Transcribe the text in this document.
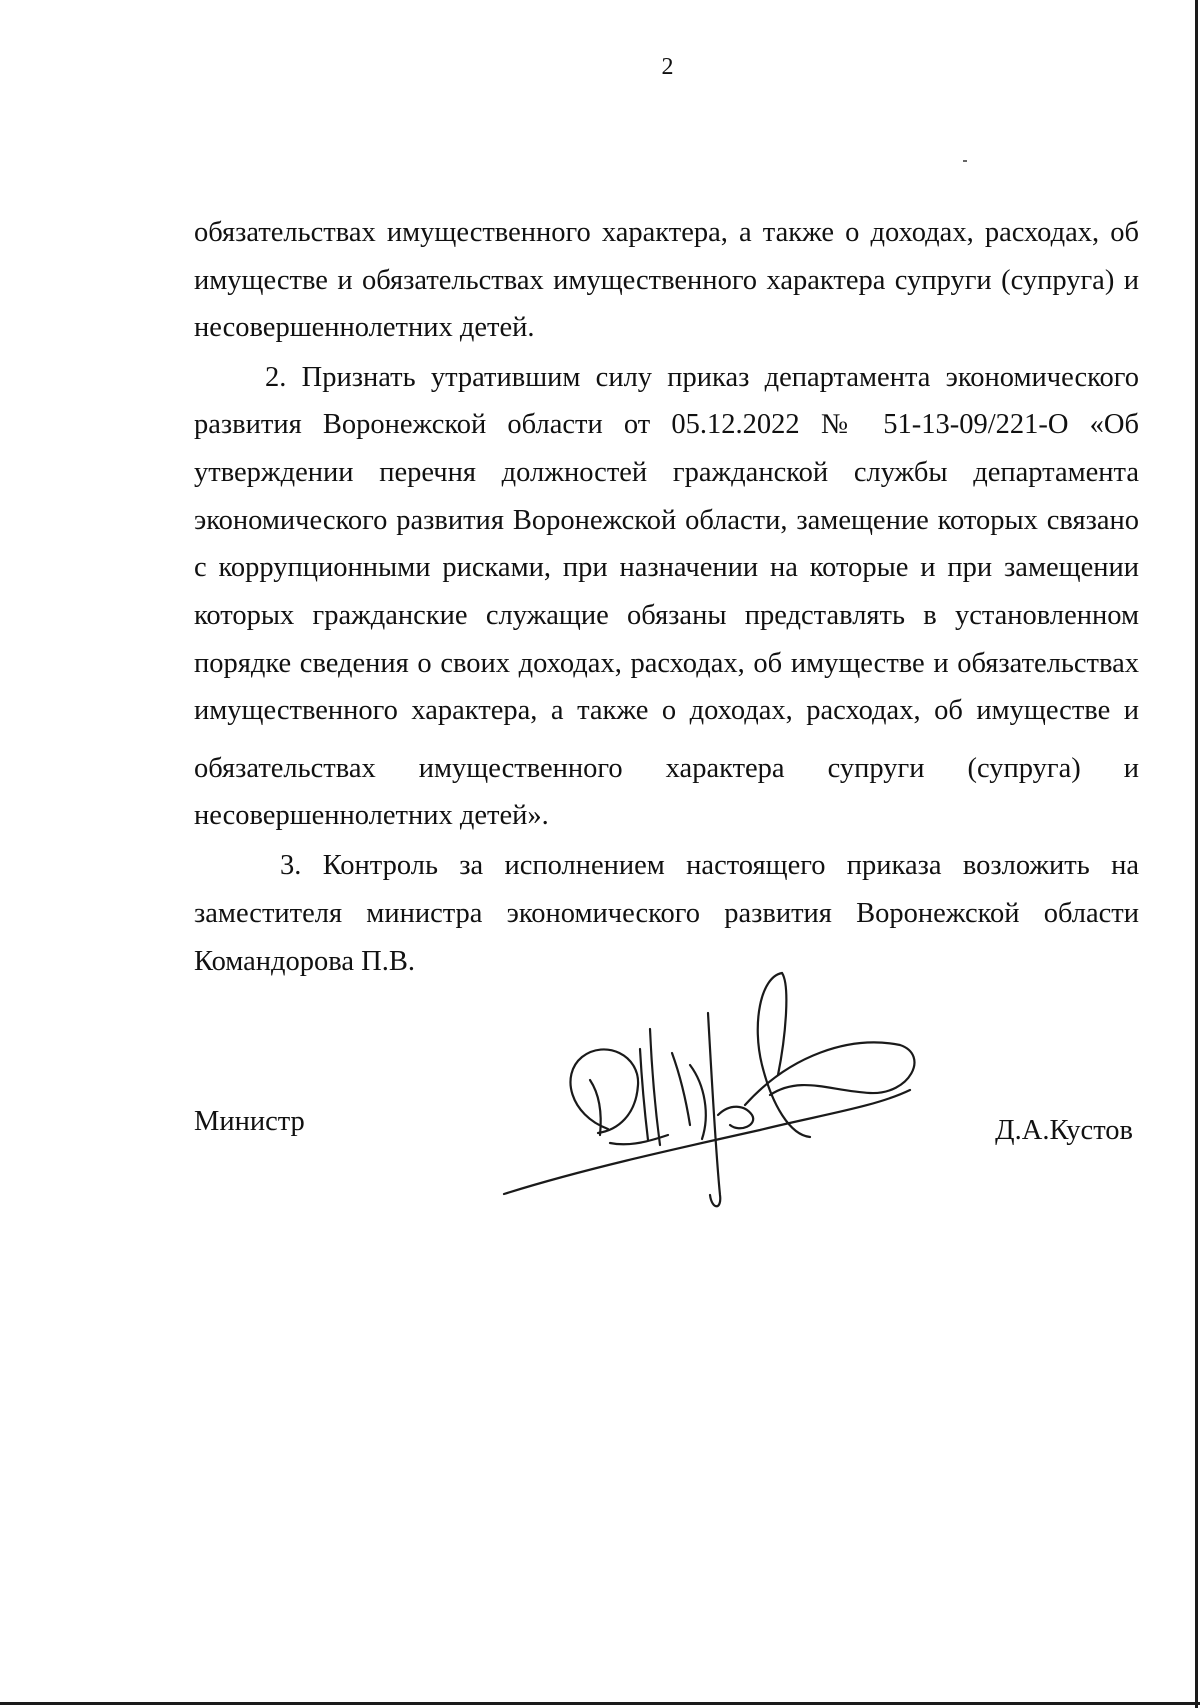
2
обязательствах имущественного характера, а также о доходах, расходах, об
имуществе и обязательствах имущественного характера супруги (супруга) и
несовершеннолетних детей.
2. Признать утратившим силу приказ департамента экономического
развития Воронежской области от 05.12.2022 № 51-13-09/221-О «Об
утверждении перечня должностей гражданской службы департамента
экономического развития Воронежской области, замещение которых связано
с коррупционными рисками, при назначении на которые и при замещении
которых гражданские служащие обязаны представлять в установленном
порядке сведения о своих доходах, расходах, об имуществе и обязательствах
имущественного характера, а также о доходах, расходах, об имуществе и
обязательствах имущественного характера супруги (супруга) и
несовершеннолетних детей».
3. Контроль за исполнением настоящего приказа возложить на
заместителя министра экономического развития Воронежской области
Командорова П.В.
Министр	Д.А.Кустов
